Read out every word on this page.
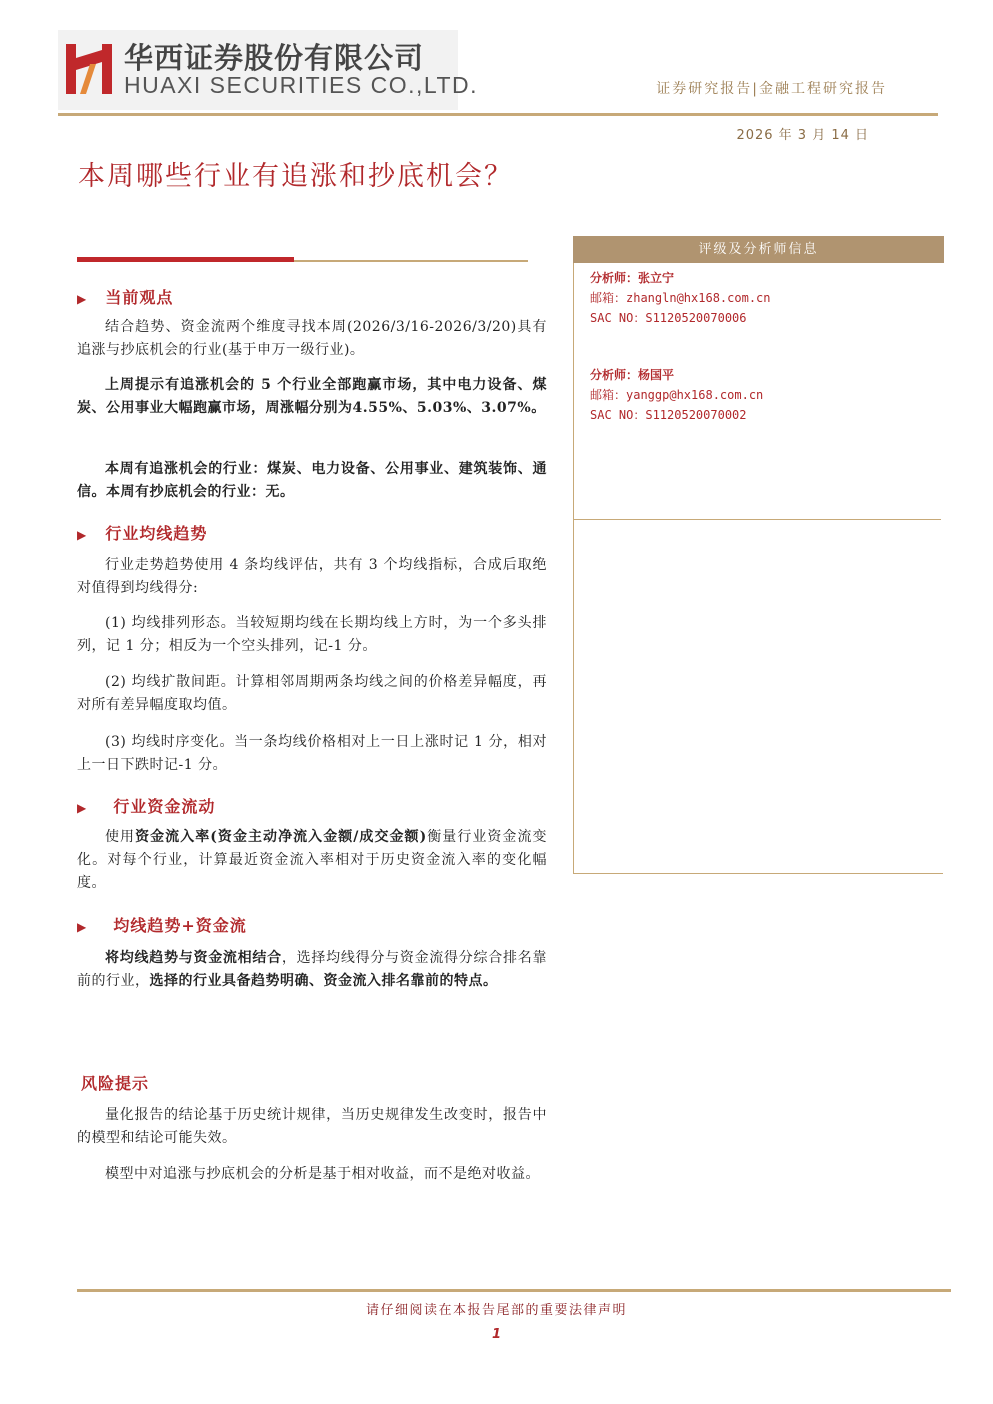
华西证券股份有限公司
HUAXI SECURITIES CO.,LTD.	证券研究报告|金融工程研究报告
2026 年 3 月 14 日
本周哪些行业有追涨和抄底机会？
▶ 当前观点
结合趋势、资金流两个维度寻找本周(2026/3/16-2026/3/20)具有追涨与抄底机会的行业(基于申万一级行业)。
上周提示有追涨机会的 5 个行业全部跑赢市场，其中电力设备、煤炭、公用事业大幅跑赢市场，周涨幅分别为4.55%、5.03%、3.07%。
本周有追涨机会的行业：煤炭、电力设备、公用事业、建筑装饰、通信。本周有抄底机会的行业：无。
▶ 行业均线趋势
行业走势趋势使用 4 条均线评估，共有 3 个均线指标，合成后取绝对值得到均线得分:
(1) 均线排列形态。当较短期均线在长期均线上方时，为一个多头排列，记 1 分；相反为一个空头排列，记-1 分。
(2) 均线扩散间距。计算相邻周期两条均线之间的价格差异幅度，再对所有差异幅度取均值。
(3) 均线时序变化。当一条均线价格相对上一日上涨时记 1 分，相对上一日下跌时记-1 分。
▶ 行业资金流动
使用资金流入率(资金主动净流入金额/成交金额)衡量行业资金流变化。对每个行业，计算最近资金流入率相对于历史资金流入率的变化幅度。
▶ 均线趋势+资金流
将均线趋势与资金流相结合，选择均线得分与资金流得分综合排名靠前的行业，选择的行业具备趋势明确、资金流入排名靠前的特点。
风险提示
量化报告的结论基于历史统计规律，当历史规律发生改变时，报告中的模型和结论可能失效。
模型中对追涨与抄底机会的分析是基于相对收益，而不是绝对收益。
评级及分析师信息
分析师：张立宁
邮箱：zhangln@hx168.com.cn
SAC NO：S1120520070006
分析师：杨国平
邮箱：yanggp@hx168.com.cn
SAC NO：S1120520070002
请仔细阅读在本报告尾部的重要法律声明
1
